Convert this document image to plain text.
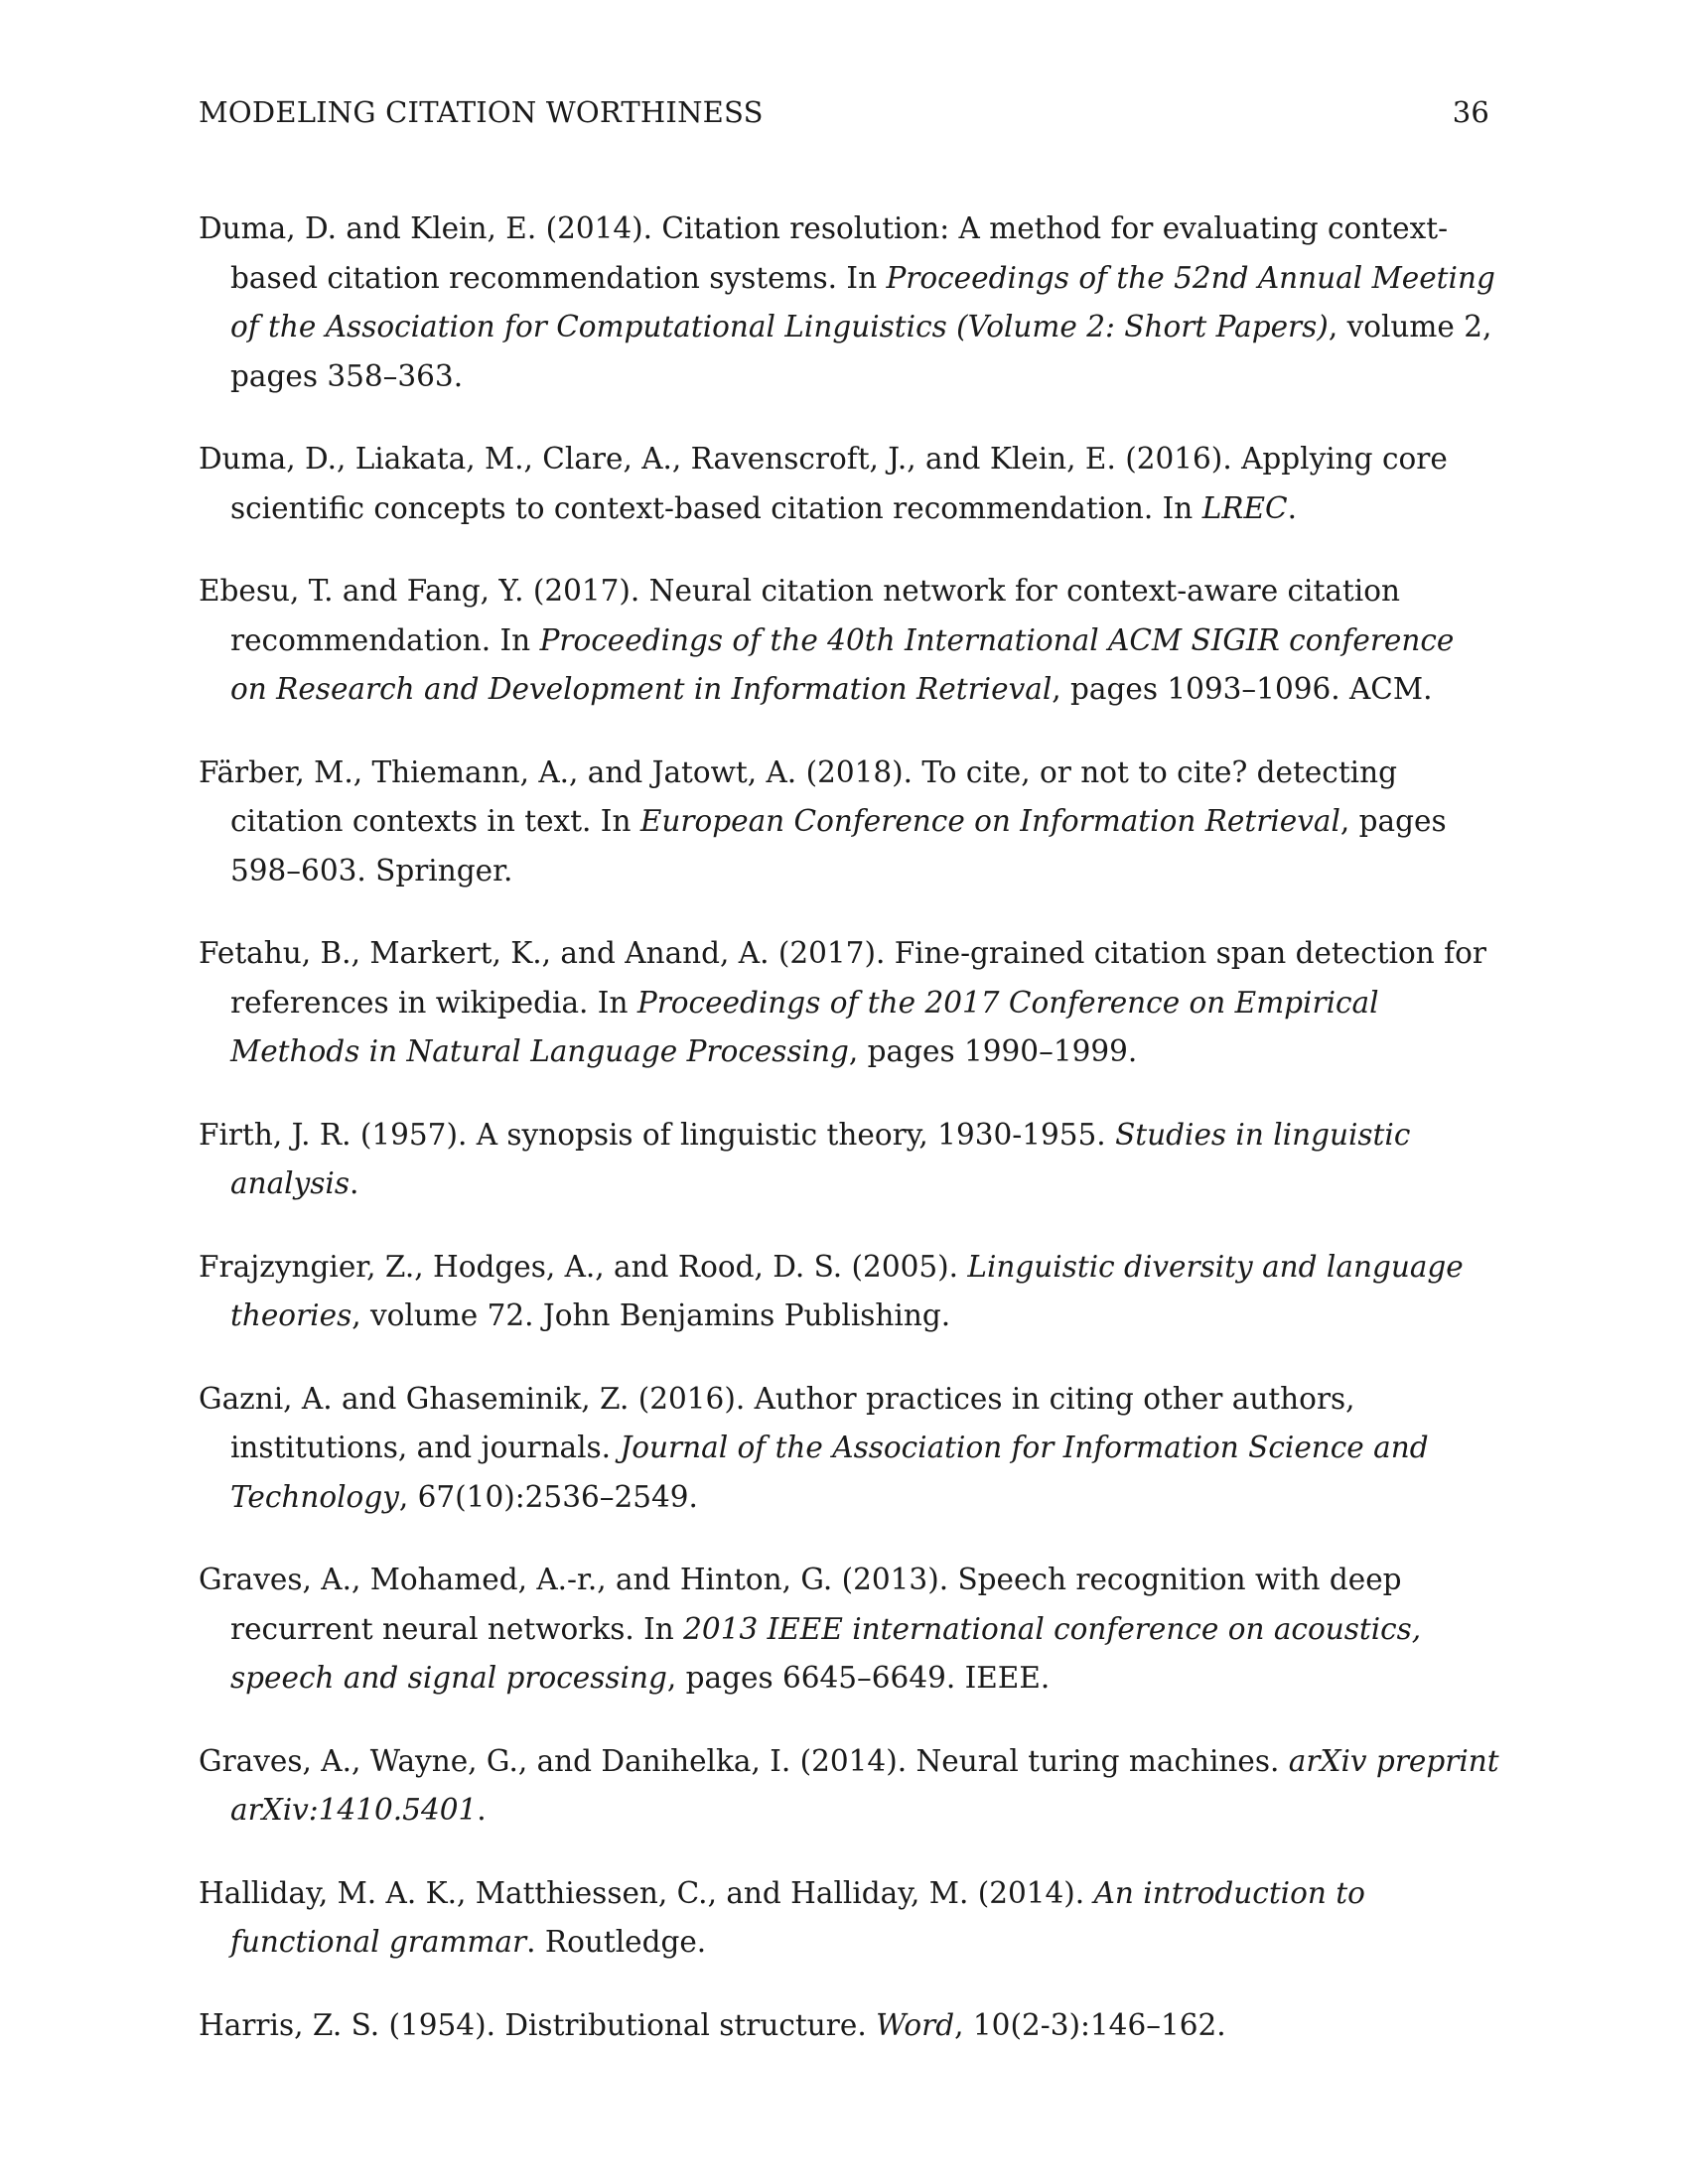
MODELING CITATION WORTHINESS	36

Duma, D. and Klein, E. (2014). Citation resolution: A method for evaluating context-based citation recommendation systems. In Proceedings of the 52nd Annual Meeting of the Association for Computational Linguistics (Volume 2: Short Papers), volume 2, pages 358–363.

Duma, D., Liakata, M., Clare, A., Ravenscroft, J., and Klein, E. (2016). Applying core scientific concepts to context-based citation recommendation. In LREC.

Ebesu, T. and Fang, Y. (2017). Neural citation network for context-aware citation recommendation. In Proceedings of the 40th International ACM SIGIR conference on Research and Development in Information Retrieval, pages 1093–1096. ACM.

Färber, M., Thiemann, A., and Jatowt, A. (2018). To cite, or not to cite? detecting citation contexts in text. In European Conference on Information Retrieval, pages 598–603. Springer.

Fetahu, B., Markert, K., and Anand, A. (2017). Fine-grained citation span detection for references in wikipedia. In Proceedings of the 2017 Conference on Empirical Methods in Natural Language Processing, pages 1990–1999.

Firth, J. R. (1957). A synopsis of linguistic theory, 1930-1955. Studies in linguistic analysis.

Frajzyngier, Z., Hodges, A., and Rood, D. S. (2005). Linguistic diversity and language theories, volume 72. John Benjamins Publishing.

Gazni, A. and Ghaseminik, Z. (2016). Author practices in citing other authors, institutions, and journals. Journal of the Association for Information Science and Technology, 67(10):2536–2549.

Graves, A., Mohamed, A.-r., and Hinton, G. (2013). Speech recognition with deep recurrent neural networks. In 2013 IEEE international conference on acoustics, speech and signal processing, pages 6645–6649. IEEE.

Graves, A., Wayne, G., and Danihelka, I. (2014). Neural turing machines. arXiv preprint arXiv:1410.5401.

Halliday, M. A. K., Matthiessen, C., and Halliday, M. (2014). An introduction to functional grammar. Routledge.

Harris, Z. S. (1954). Distributional structure. Word, 10(2-3):146–162.
